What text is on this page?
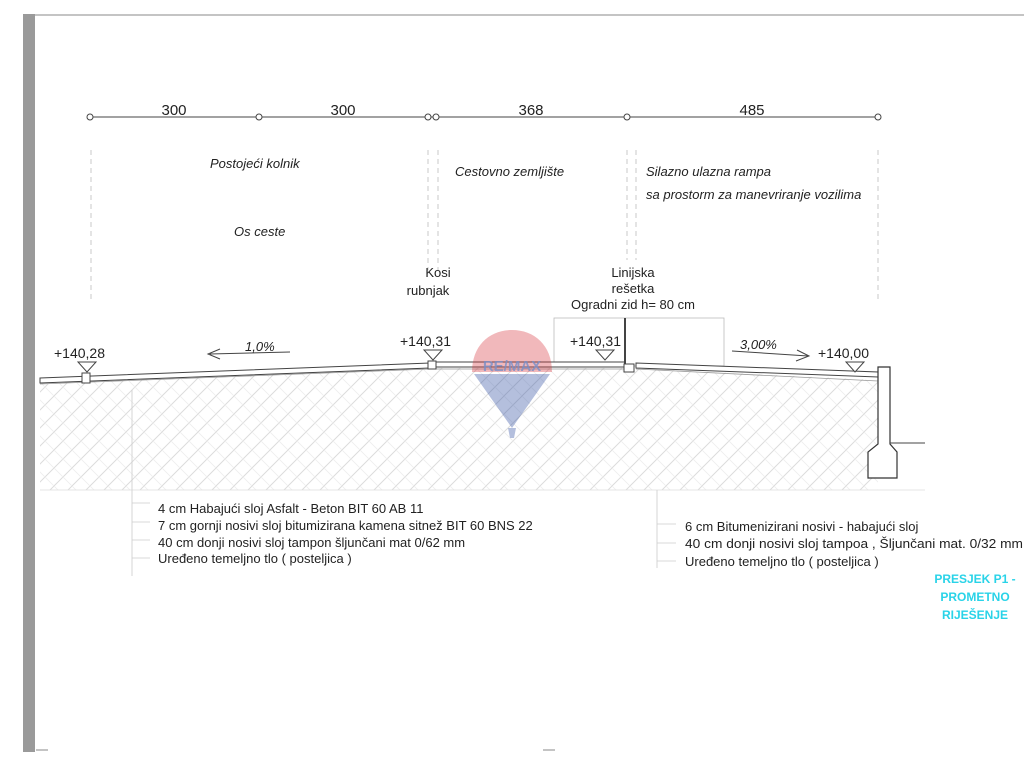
300	300	368	485
Postojeći kolnik
Os ceste
Cestovno zemljište	Silazno ulazna rampa
sa prostorm za manevriranje vozilima
Kosi
rubnjak
Linijska
rešetka
Ogradni zid h= 80 cm
+140,28
+140,31	+140,31
+140,00
1,0%	3,00%
RE/MAX
4 cm Habajući sloj Asfalt - Beton BIT 60 AB 11
7 cm gornji nosivi sloj bitumizirana kamena sitnež BIT 60 BNS 22
40 cm donji nosivi sloj tampon šljunčani mat 0/62 mm
Uređeno temeljno tlo ( posteljica )
6 cm Bitumenizirani nosivi - habajući sloj
40 cm donji nosivi sloj tampoa , Šljunčani mat. 0/32 mm
Uređeno temeljno tlo ( posteljica )
PRESJEK P1 -
PROMETNO
RIJEŠENJE
